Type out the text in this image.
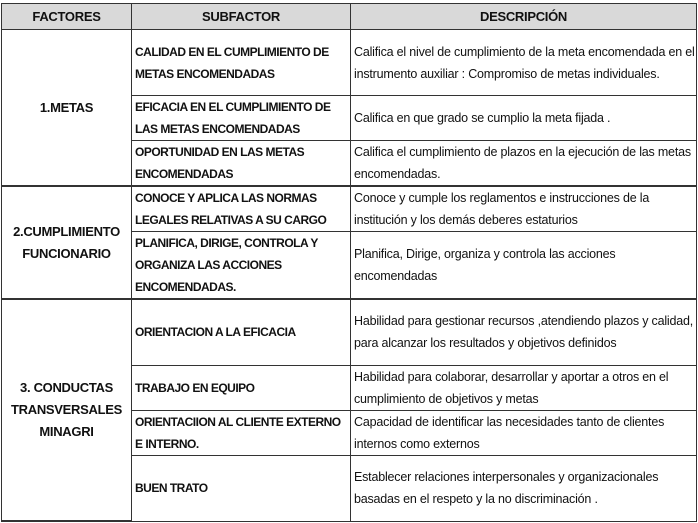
FACTORES	SUBFACTOR	DESCRIPCIÓN
1.METAS	CALIDAD EN EL CUMPLIMIENTO DE METAS ENCOMENDADAS	Califica el nivel de cumplimiento de la meta encomendada en el instrumento auxiliar : Compromiso de metas individuales.
	EFICACIA EN EL CUMPLIMIENTO DE LAS METAS ENCOMENDADAS	Califica en que grado se cumplio la meta fijada .
	OPORTUNIDAD EN LAS METAS ENCOMENDADAS	Califica el cumplimiento de plazos en la ejecución de las metas encomendadas.
2.CUMPLIMIENTO FUNCIONARIO	CONOCE Y APLICA LAS NORMAS LEGALES RELATIVAS A SU CARGO	Conoce y cumple los reglamentos e instrucciones de la institución y los demás deberes estaturios
	PLANIFICA, DIRIGE, CONTROLA Y ORGANIZA LAS ACCIONES ENCOMENDADAS.	Planifica, Dirige, organiza y controla las acciones encomendadas
3. CONDUCTAS TRANSVERSALES MINAGRI	ORIENTACION A LA EFICACIA	Habilidad para gestionar recursos ,atendiendo plazos y calidad, para alcanzar los resultados y objetivos definidos
	TRABAJO EN EQUIPO	Habilidad para colaborar, desarrollar y aportar a otros en el cumplimiento de objetivos y metas
	ORIENTACIION AL CLIENTE EXTERNO E INTERNO.	Capacidad de identificar las necesidades tanto de clientes internos como externos
	BUEN TRATO	Establecer relaciones interpersonales y organizacionales basadas en el respeto y la no discriminación .
